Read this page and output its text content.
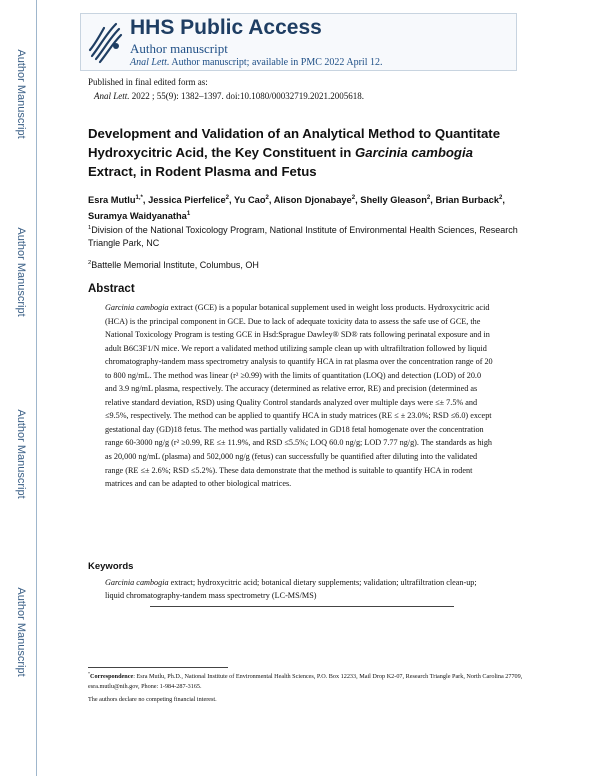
Author Manuscript
Author Manuscript
Author Manuscript
Author Manuscript
HHS Public Access
Author manuscript
Anal Lett. Author manuscript; available in PMC 2022 April 12.
Published in final edited form as:
Anal Lett. 2022 ; 55(9): 1382–1397. doi:10.1080/00032719.2021.2005618.
Development and Validation of an Analytical Method to Quantitate Hydroxycitric Acid, the Key Constituent in Garcinia cambogia Extract, in Rodent Plasma and Fetus
Esra Mutlu$^{1,*}$, Jessica Pierfelice$^2$, Yu Cao$^2$, Alison Djonabaye$^2$, Shelly Gleason$^2$, Brian Burback$^2$, Suramya Waidyanatha$^1$
$^1$Division of the National Toxicology Program, National Institute of Environmental Health Sciences, Research Triangle Park, NC
$^2$Battelle Memorial Institute, Columbus, OH
Abstract

Garcinia cambogia extract (GCE) is a popular botanical supplement used in weight loss products. Hydroxycitric acid (HCA) is the principal component in GCE. Due to lack of adequate toxicity data to assess the safe use of GCE, the National Toxicology Program is testing GCE in Hsd:Sprague Dawley® SD® rats following perinatal exposure and in adult B6C3F1/N mice. We report a validated method utilizing sample clean up with ultrafiltration followed by liquid chromatography-tandem mass spectrometry analysis to quantify HCA in rat plasma over the concentration range of 20 to 800 ng/mL. The method was linear (r² ≥0.99) with the limits of quantitation (LOQ) and detection (LOD) of 20.0 and 3.9 ng/mL plasma, respectively. The accuracy (determined as relative error, RE) and precision (determined as relative standard deviation, RSD) using Quality Control standards analyzed over multiple days were ≤± 7.5% and ≤9.5%, respectively. The method can be applied to quantify HCA in study matrices (RE ≤ ± 23.0%; RSD ≤6.0) except gestational day (GD)18 fetus. The method was partially validated in GD18 fetal homogenate over the concentration range 60-3000 ng/g (r² ≥0.99, RE ≤± 11.9%, and RSD ≤5.5%; LOQ 60.0 ng/g; LOD 7.77 ng/g). The standards as high as 20,000 ng/mL (plasma) and 502,000 ng/g (fetus) can successfully be quantified after diluting into the validated range (RE ≤± 2.6%; RSD ≤5.2%). These data demonstrate that the method is suitable to quantify HCA in rodent matrices and can be adapted to other biological matrices.

Keywords
Garcinia cambogia extract; hydroxycitric acid; botanical dietary supplements; validation; ultrafiltration clean-up; liquid chromatography-tandem mass spectrometry (LC-MS/MS)
*Correspondence: Esra Mutlu, Ph.D., National Institute of Environmental Health Sciences, P.O. Box 12233, Mail Drop K2-07, Research Triangle Park, North Carolina 27709, esra.mutlu@nih.gov, Phone: 1-984-287-3165.
The authors declare no competing financial interest.
